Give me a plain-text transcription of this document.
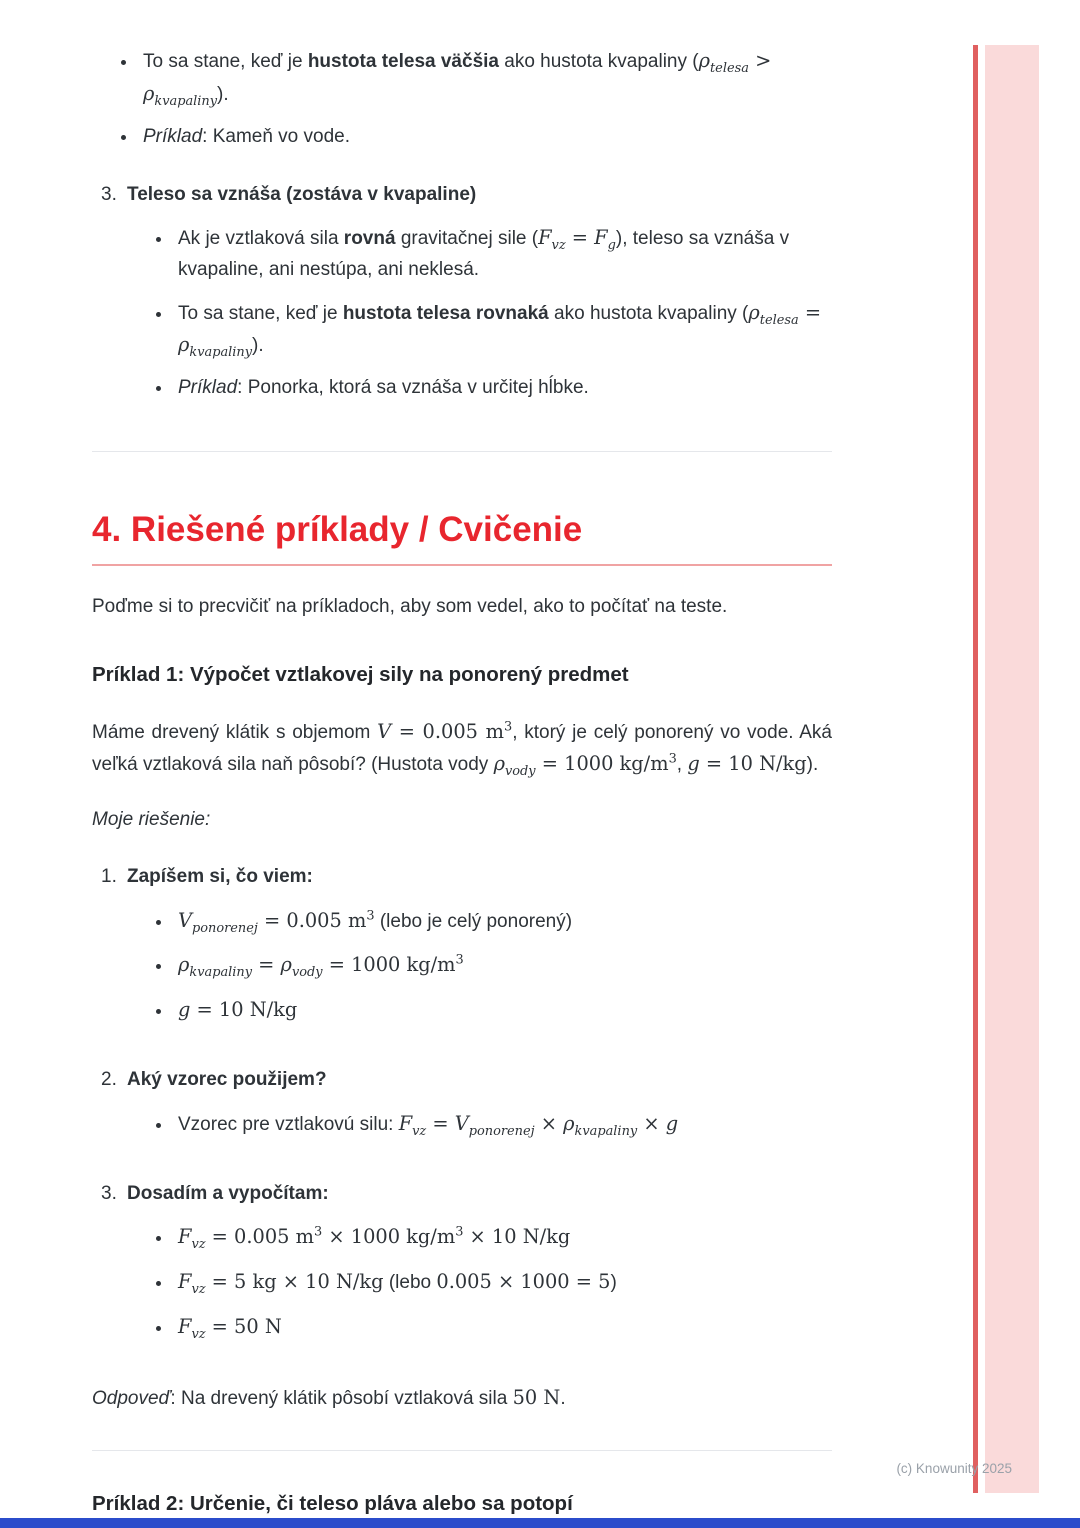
• To sa stane, keď je hustota telesa väčšia ako hustota kvapaliny $(\rho_{telesa} > \rho_{kvapaliny})$.
• Príklad: Kameň vo vode.
3. Teleso sa vznáša (zostáva v kvapaline)
• Ak je vztlaková sila rovná gravitačnej sile $(F_{vz} = F_g)$, teleso sa vznáša v kvapaline, ani nestúpa, ani neklesá.
• To sa stane, keď je hustota telesa rovnaká ako hustota kvapaliny $(\rho_{telesa} = \rho_{kvapaliny})$.
• Príklad: Ponorka, ktorá sa vznáša v určitej hĺbke.
4. Riešené príklady / Cvičenie

Poďme si to precvičiť na príkladoch, aby som vedel, ako to počítať na teste.

Príklad 1: Výpočet vztlakovej sily na ponorený predmet

Máme drevený klátik s objemom V = 0.005 $m^3$, ktorý je celý ponorený vo vode. Aká veľká vztlaková sila naň pôsobí? (Hustota vody $\rho_{vody} = 1000$ $kg/m^3$, g = 10 N/kg).

Moje riešenie:

1. Zapíšem si, čo viem:
• $V_{ponorenej} = 0.005$ $m^3$ (lebo je celý ponorený)
• $\rho_{kvapaliny} = \rho_{vody} = 1000$ $kg/m^3$
• g = 10 N/kg
2. Aký vzorec použijem?
• Vzorec pre vztlakovú silu: $F_{vz} = V_{ponorenej} \times \rho_{kvapaliny} \times g$
3. Dosadím a vypočítam:
• $F_{vz} = 0.005$ $m^3 \times 1000$ $kg/m^3 \times 10$ N/kg
• $F_{vz} = 5$ kg × 10 N/kg (lebo 0.005 × 1000 = 5)
• $F_{vz} = 50$ N

Odpoveď: Na drevený klátik pôsobí vztlaková sila 50 N.

Príklad 2: Určenie, či teleso pláva alebo sa potopí
(c) Knowunity 2025
